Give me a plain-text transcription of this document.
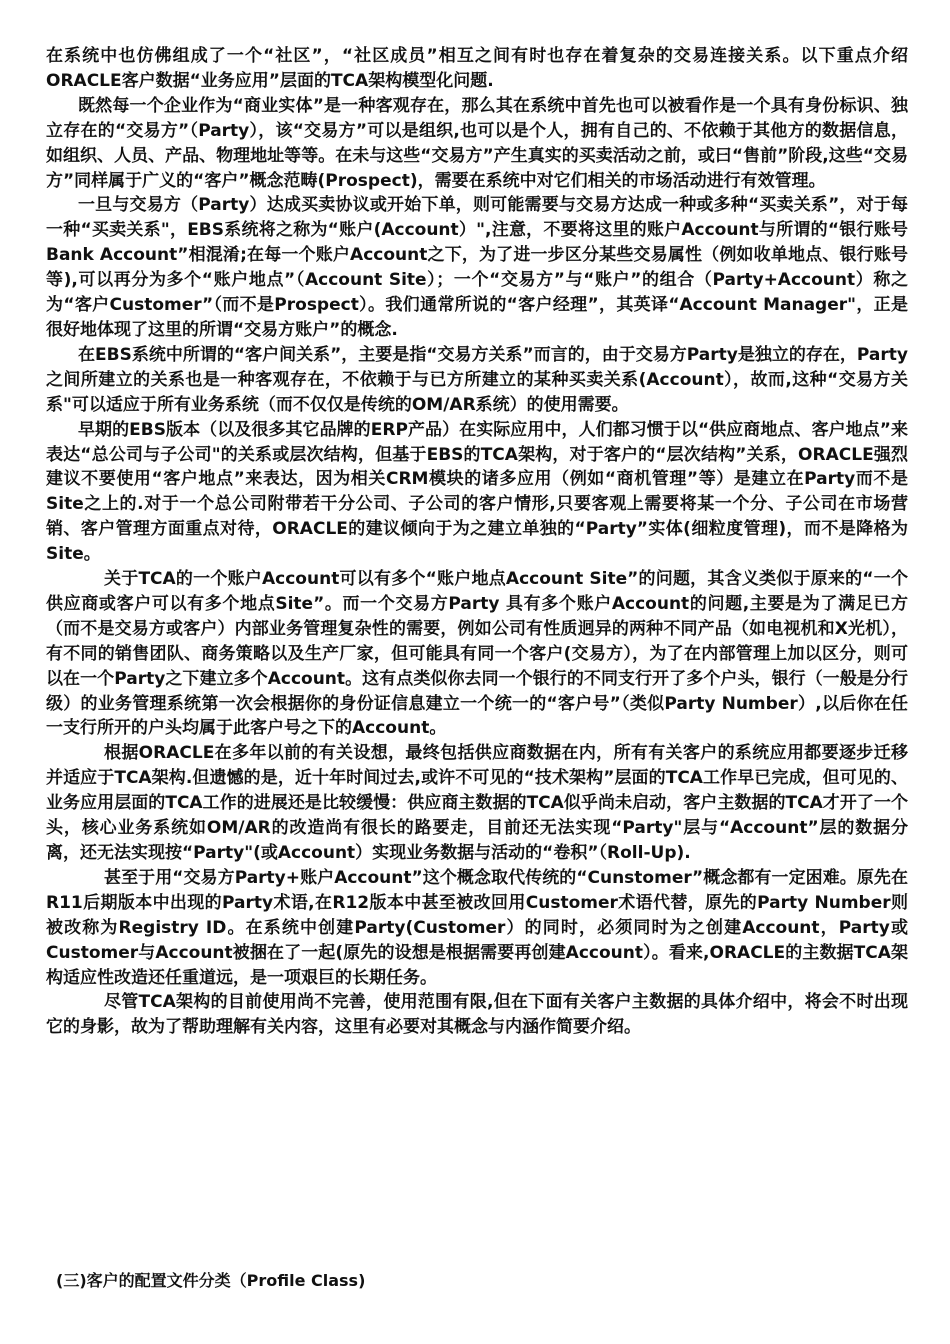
在系统中也仿佛组成了一个“社区”，“社区成员”相互之间有时也存在着复杂的交易连接关系。以下重点介绍ORACLE客户数据“业务应用”层面的TCA架构模型化问题.

既然每一个企业作为“商业实体”是一种客观存在，那么其在系统中首先也可以被看作是一个具有身份标识、独立存在的“交易方”（Party），该“交易方”可以是组织,也可以是个人，拥有自己的、不依赖于其他方的数据信息，如组织、人员、产品、物理地址等等。在未与这些“交易方”产生真实的买卖活动之前，或曰“售前”阶段,这些“交易方”同样属于广义的“客户”概念范畴(Prospect)，需要在系统中对它们相关的市场活动进行有效管理。

一旦与交易方（Party）达成买卖协议或开始下单，则可能需要与交易方达成一种或多种“买卖关系”，对于每一种“买卖关系"，EBS系统将之称为“账户(Account）",注意，不要将这里的账户Account与所谓的“银行账号Bank Account”相混淆;在每一个账户Account之下，为了进一步区分某些交易属性（例如收单地点、银行账号等),可以再分为多个“账户地点”（Account Site）；一个“交易方”与“账户”的组合（Party+Account）称之为“客户Customer”（而不是Prospect）。我们通常所说的“客户经理”，其英译“Account Manager"，正是很好地体现了这里的所谓“交易方账户”的概念.

在EBS系统中所谓的“客户间关系”，主要是指“交易方关系”而言的，由于交易方Party是独立的存在，Party之间所建立的关系也是一种客观存在，不依赖于与已方所建立的某种买卖关系(Account），故而,这种“交易方关系"可以适应于所有业务系统（而不仅仅是传统的OM/AR系统）的使用需要。

早期的EBS版本（以及很多其它品牌的ERP产品）在实际应用中，人们都习惯于以“供应商地点、客户地点”来表达“总公司与子公司"的关系或层次结构，但基于EBS的TCA架构，对于客户的“层次结构”关系，ORACLE强烈建议不要使用“客户地点”来表达，因为相关CRM模块的诸多应用（例如“商机管理”等）是建立在Party而不是Site之上的.对于一个总公司附带若干分公司、子公司的客户情形,只要客观上需要将某一个分、子公司在市场营销、客户管理方面重点对待，ORACLE的建议倾向于为之建立单独的“Party”实体(细粒度管理)，而不是降格为Site。

关于TCA的一个账户Account可以有多个“账户地点Account Site”的问题，其含义类似于原来的“一个供应商或客户可以有多个地点Site”。而一个交易方Party 具有多个账户Account的问题,主要是为了满足已方（而不是交易方或客户）内部业务管理复杂性的需要，例如公司有性质迥异的两种不同产品（如电视机和X光机），有不同的销售团队、商务策略以及生产厂家，但可能具有同一个客户(交易方），为了在内部管理上加以区分，则可以在一个Party之下建立多个Account。这有点类似你去同一个银行的不同支行开了多个户头，银行（一般是分行级）的业务管理系统第一次会根据你的身份证信息建立一个统一的“客户号”（类似Party Number）,以后你在任一支行所开的户头均属于此客户号之下的Account。

根据ORACLE在多年以前的有关设想，最终包括供应商数据在内，所有有关客户的系统应用都要逐步迁移并适应于TCA架构.但遗憾的是，近十年时间过去,或许不可见的“技术架构”层面的TCA工作早已完成，但可见的、业务应用层面的TCA工作的进展还是比较缓慢：供应商主数据的TCA似乎尚未启动，客户主数据的TCA才开了一个头，核心业务系统如OM/AR的改造尚有很长的路要走，目前还无法实现“Party"层与“Account”层的数据分离，还无法实现按“Party"(或Account）实现业务数据与活动的“卷积”（Roll-Up).

甚至于用“交易方Party+账户Account”这个概念取代传统的“Cunstomer”概念都有一定困难。原先在R11后期版本中出现的Party术语,在R12版本中甚至被改回用Customer术语代替，原先的Party Number则被改称为Registry ID。在系统中创建Party(Customer）的同时，必须同时为之创建Account，Party或Customer与Account被捆在了一起(原先的设想是根据需要再创建Account）。看来,ORACLE的主数据TCA架构适应性改造还任重道远，是一项艰巨的长期任务。

尽管TCA架构的目前使用尚不完善，使用范围有限,但在下面有关客户主数据的具体介绍中，将会不时出现它的身影，故为了帮助理解有关内容，这里有必要对其概念与内涵作简要介绍。

(三)客户的配置文件分类（Profile Class)
